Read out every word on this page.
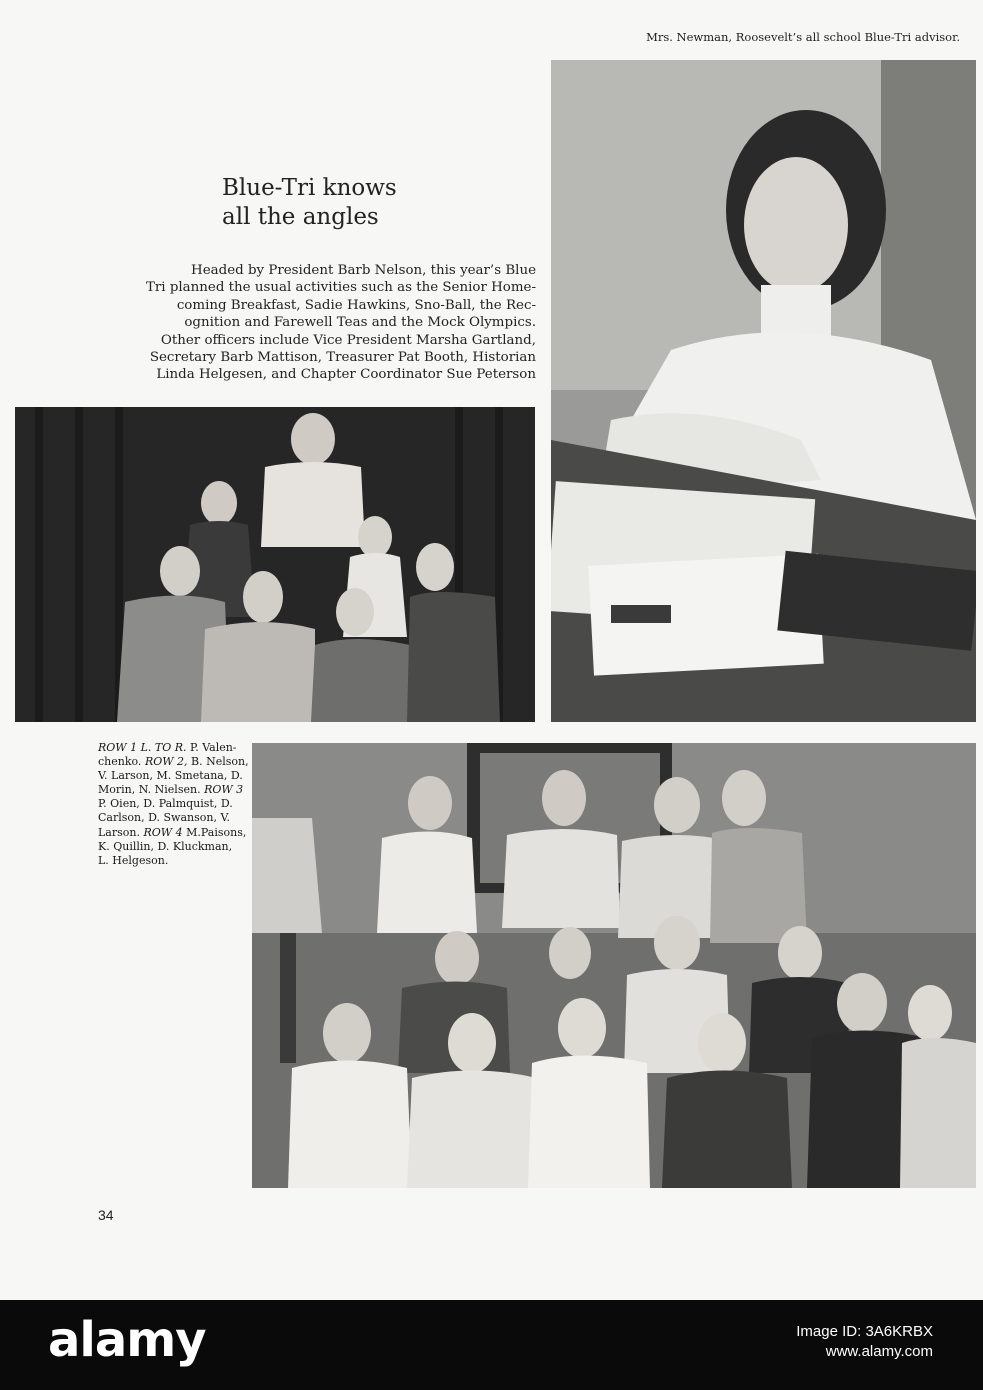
Mrs. Newman, Roosevelt’s all school Blue-Tri advisor.
Blue-Tri knows
all the angles
Headed by President Barb Nelson, this year’s Blue
Tri planned the usual activities such as the Senior Home-
coming Breakfast, Sadie Hawkins, Sno-Ball, the Rec-
ognition and Farewell Teas and the Mock Olympics.
Other officers include Vice President Marsha Gartland,
Secretary Barb Mattison, Treasurer Pat Booth, Historian
Linda Helgesen, and Chapter Coordinator Sue Peterson
ROW 1 L. TO R. P. Valen-
chenko. ROW 2, B. Nelson,
V. Larson, M. Smetana, D.
Morin, N. Nielsen. ROW 3
P. Oien, D. Palmquist, D.
Carlson, D. Swanson, V.
Larson. ROW 4 M.Paisons,
K. Quillin, D. Kluckman,
L. Helgeson.
34
alamy	Image ID: 3A6KRBX
www.alamy.com
